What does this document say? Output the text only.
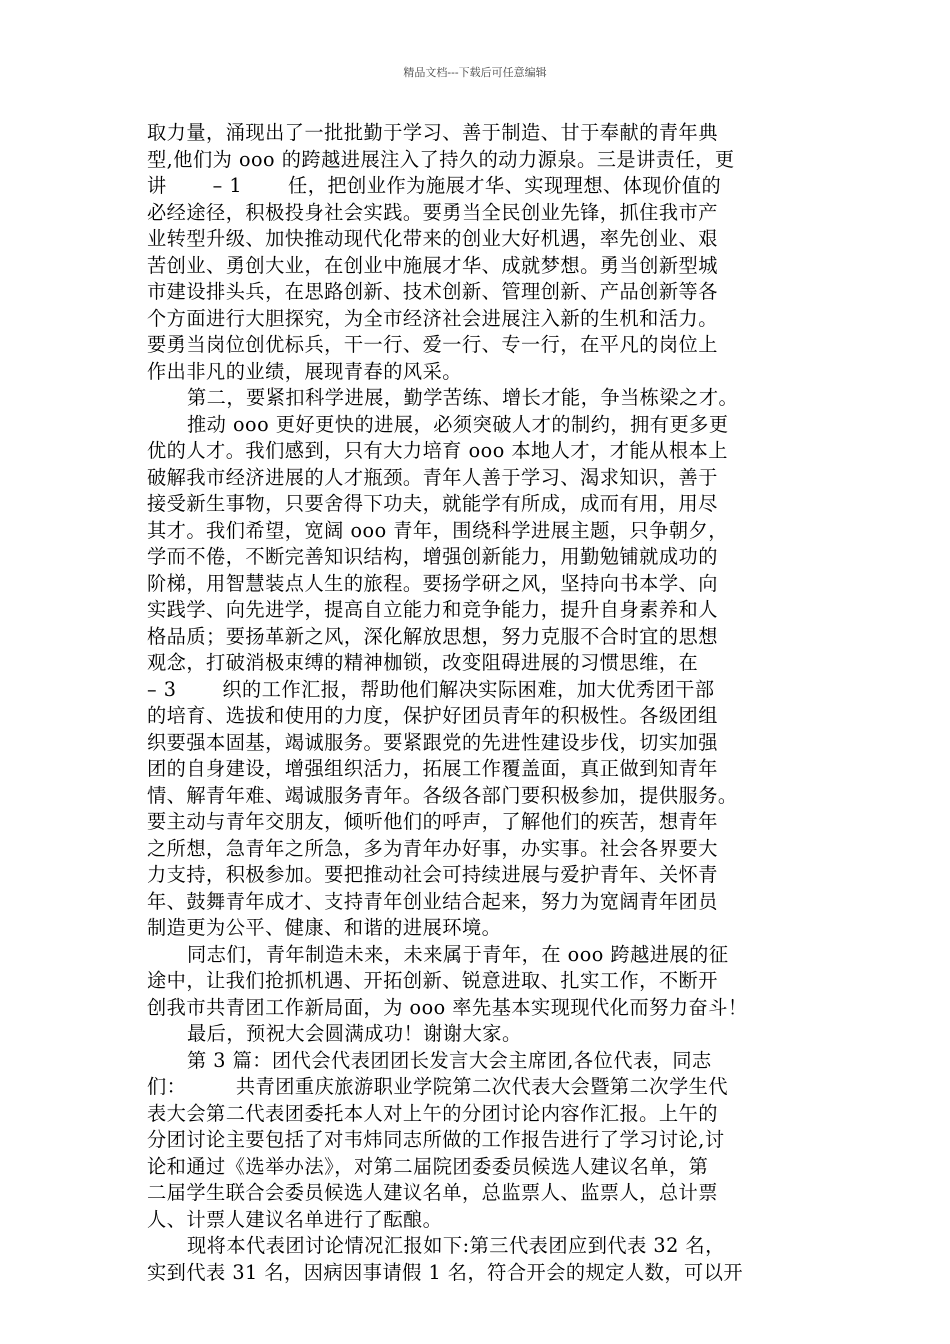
精品文档---下载后可任意编辑
取力量，涌现出了一批批勤于学习、善于制造、甘于奉献的青年典
型,他们为 ooo 的跨越进展注入了持久的动力源泉。三是讲责任，更
讲　　 – 1　　 任，把创业作为施展才华、实现理想、体现价值的
必经途径，积极投身社会实践。要勇当全民创业先锋，抓住我市产
业转型升级、加快推动现代化带来的创业大好机遇，率先创业、艰
苦创业、勇创大业，在创业中施展才华、成就梦想。勇当创新型城
市建设排头兵，在思路创新、技术创新、管理创新、产品创新等各
个方面进行大胆探究，为全市经济社会进展注入新的生机和活力。
要勇当岗位创优标兵，干一行、爱一行、专一行，在平凡的岗位上
作出非凡的业绩，展现青春的风采。
第二，要紧扣科学进展，勤学苦练、增长才能，争当栋梁之才。
推动 ooo 更好更快的进展，必须突破人才的制约，拥有更多更
优的人才。我们感到，只有大力培育 ooo 本地人才，才能从根本上
破解我市经济进展的人才瓶颈。青年人善于学习、渴求知识，善于
接受新生事物，只要舍得下功夫，就能学有所成，成而有用，用尽
其才。我们希望，宽阔 ooo 青年，围绕科学进展主题，只争朝夕，
学而不倦，不断完善知识结构，增强创新能力，用勤勉铺就成功的
阶梯，用智慧装点人生的旅程。要扬学研之风，坚持向书本学、向
实践学、向先进学，提高自立能力和竞争能力，提升自身素养和人
格品质；要扬革新之风，深化解放思想，努力克服不合时宜的思想
观念，打破消极束缚的精神枷锁，改变阻碍进展的习惯思维，在
– 3　　 织的工作汇报，帮助他们解决实际困难，加大优秀团干部
的培育、选拔和使用的力度，保护好团员青年的积极性。各级团组
织要强本固基，竭诚服务。要紧跟党的先进性建设步伐，切实加强
团的自身建设，增强组织活力，拓展工作覆盖面，真正做到知青年
情、解青年难、竭诚服务青年。各级各部门要积极参加，提供服务。
要主动与青年交朋友，倾听他们的呼声，了解他们的疾苦，想青年
之所想，急青年之所急，多为青年办好事，办实事。社会各界要大
力支持，积极参加。要把推动社会可持续进展与爱护青年、关怀青
年、鼓舞青年成才、支持青年创业结合起来，努力为宽阔青年团员
制造更为公平、健康、和谐的进展环境。
同志们，青年制造未来，未来属于青年，在 ooo 跨越进展的征
途中，让我们抢抓机遇、开拓创新、锐意进取、扎实工作，不断开
创我市共青团工作新局面，为 ooo 率先基本实现现代化而努力奋斗！
最后，预祝大会圆满成功！谢谢大家。
第 3 篇：团代会代表团团长发言大会主席团,各位代表，同志
们：　　　共青团重庆旅游职业学院第二次代表大会暨第二次学生代
表大会第二代表团委托本人对上午的分团讨论内容作汇报。上午的
分团讨论主要包括了对韦炜同志所做的工作报告进行了学习讨论,讨
论和通过《选举办法》，对第二届院团委委员候选人建议名单，第
二届学生联合会委员候选人建议名单，总监票人、监票人，总计票
人、计票人建议名单进行了酝酿。
现将本代表团讨论情况汇报如下:第三代表团应到代表 32 名，
实到代表 31 名，因病因事请假 1 名，符合开会的规定人数，可以开
